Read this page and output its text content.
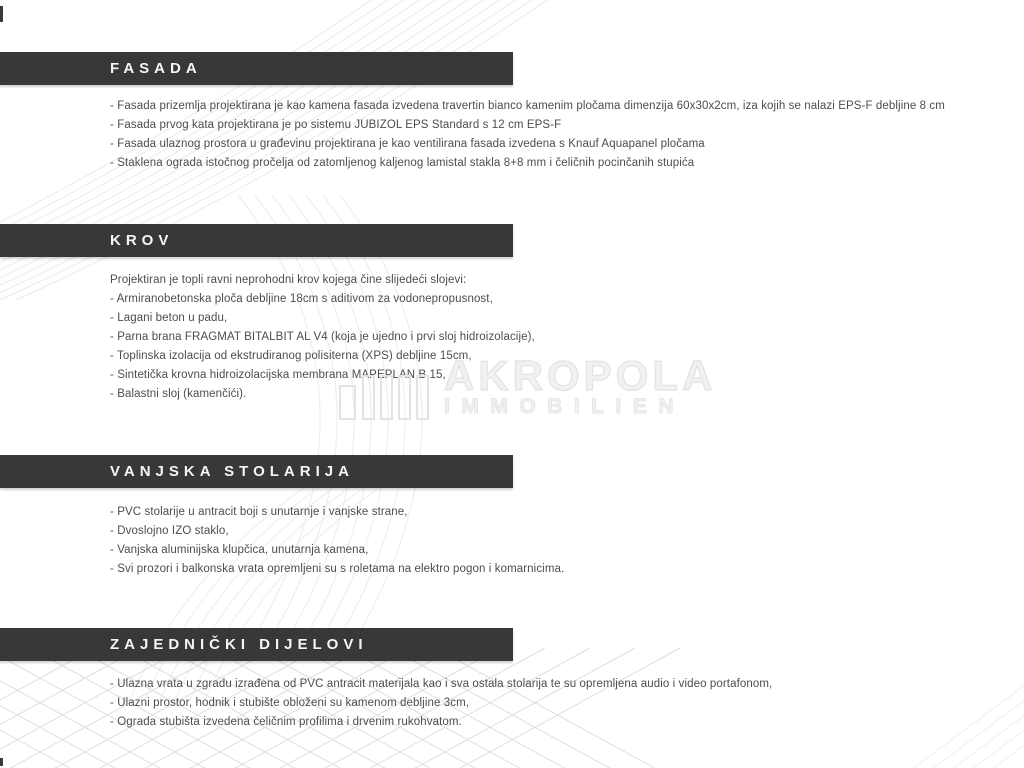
AKROPOLA
IMMOBILIEN
FASADA
- Fasada prizemlja projektirana je kao kamena fasada izvedena travertin bianco kamenim pločama dimenzija 60x30x2cm, iza kojih se nalazi EPS-F debljine 8 cm
- Fasada prvog kata projektirana je po sistemu JUBIZOL EPS Standard s 12 cm EPS-F
- Fasada ulaznog prostora u građevinu projektirana je kao ventilirana fasada izvedena s Knauf Aquapanel pločama
- Staklena ograda istočnog pročelja od zatomljenog kaljenog lamistal stakla 8+8 mm i čeličnih pocinčanih stupića
KROV
Projektiran je topli ravni neprohodni krov kojega čine slijedeći slojevi:
- Armiranobetonska ploča debljine 18cm s aditivom za vodonepropusnost,
- Lagani beton u padu,
- Parna brana FRAGMAT BITALBIT AL V4 (koja je ujedno i prvi sloj hidroizolacije),
- Toplinska izolacija od ekstrudiranog polisiterna (XPS) debljine 15cm,
- Sintetička krovna hidroizolacijska membrana MAPEPLAN B 15,
- Balastni sloj (kamenčići).
VANJSKA STOLARIJA
- PVC stolarije u antracit boji s unutarnje i vanjske strane,
- Dvoslojno IZO staklo,
- Vanjska aluminijska klupčica, unutarnja kamena,
- Svi prozori i balkonska vrata opremljeni su s roletama na elektro pogon i komarnicima.
ZAJEDNIČKI DIJELOVI
- Ulazna vrata u zgradu izrađena od PVC antracit materijala kao i sva ostala stolarija te su opremljena audio i video portafonom,
- Ulazni prostor, hodnik i stubište obloženi su kamenom debljine 3cm,
- Ograda stubišta izvedena čeličnim profilima i drvenim rukohvatom.
